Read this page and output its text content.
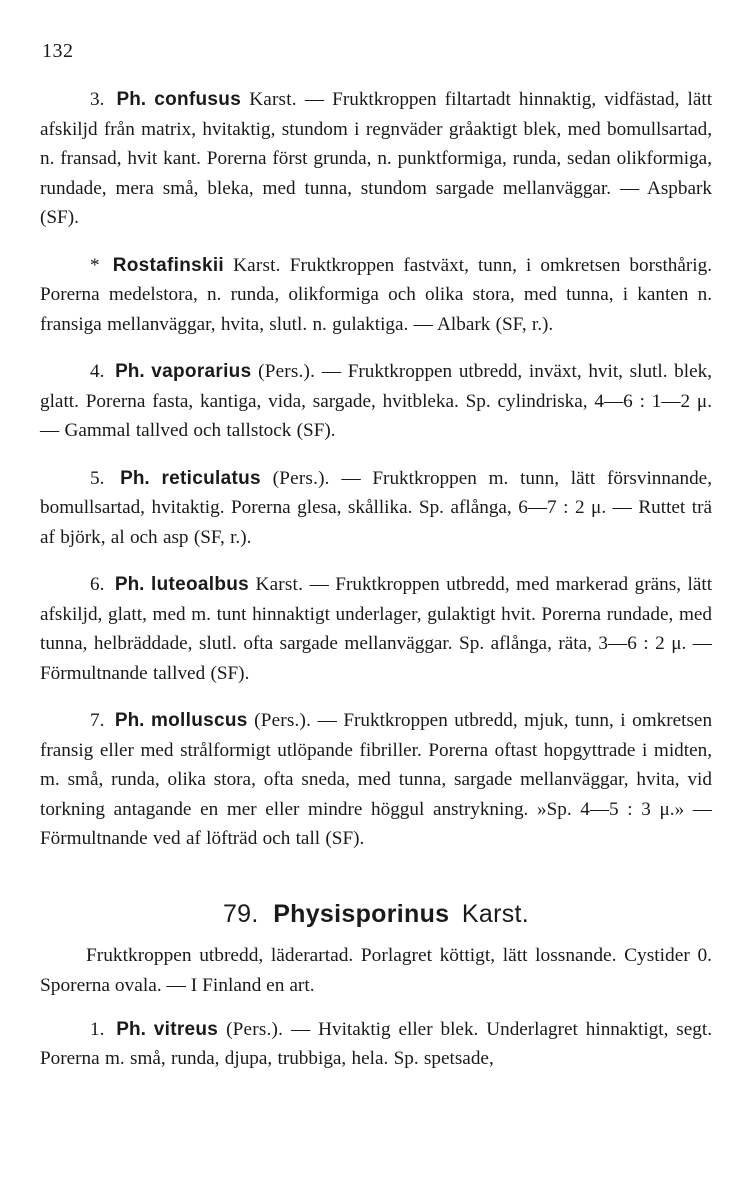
132

3. Ph. confusus Karst. — Fruktkroppen filtartadt hinnaktig, vidfästad, lätt afskiljd från matrix, hvitaktig, stundom i regnväder gråaktigt blek, med bomullsartad, n. fransad, hvit kant. Porerna först grunda, n. punktformiga, runda, sedan olikformiga, rundade, mera små, bleka, med tunna, stundom sargade mellanväggar. — Aspbark (SF).

* Rostafinskii Karst. Fruktkroppen fastväxt, tunn, i omkretsen borsthårig. Porerna medelstora, n. runda, olikformiga och olika stora, med tunna, i kanten n. fransiga mellanväggar, hvita, slutl. n. gulaktiga. — Albark (SF, r.).

4. Ph. vaporarius (Pers.). — Fruktkroppen utbredd, inväxt, hvit, slutl. blek, glatt. Porerna fasta, kantiga, vida, sargade, hvitbleka. Sp. cylindriska, 4—6 : 1—2 μ. — Gammal tallved och tallstock (SF).

5. Ph. reticulatus (Pers.). — Fruktkroppen m. tunn, lätt försvinnande, bomullsartad, hvitaktig. Porerna glesa, skållika. Sp. aflånga, 6—7 : 2 μ. — Ruttet trä af björk, al och asp (SF, r.).

6. Ph. luteoalbus Karst. — Fruktkroppen utbredd, med markerad gräns, lätt afskiljd, glatt, med m. tunt hinnaktigt underlager, gulaktigt hvit. Porerna rundade, med tunna, helbräddade, slutl. ofta sargade mellanväggar. Sp. aflånga, räta, 3—6 : 2 μ. — Förmultnande tallved (SF).

7. Ph. molluscus (Pers.). — Fruktkroppen utbredd, mjuk, tunn, i omkretsen fransig eller med strålformigt utlöpande fibriller. Porerna oftast hopgyttrade i midten, m. små, runda, olika stora, ofta sneda, med tunna, sargade mellanväggar, hvita, vid torkning antagande en mer eller mindre höggul anstrykning. »Sp. 4—5 : 3 μ.» — Förmultnande ved af löfträd och tall (SF).

79. Physisporinus Karst.

Fruktkroppen utbredd, läderartad. Porlagret köttigt, lätt lossnande. Cystider 0. Sporerna ovala. — I Finland en art.

1. Ph. vitreus (Pers.). — Hvitaktig eller blek. Underlagret hinnaktigt, segt. Porerna m. små, runda, djupa, trubbiga, hela. Sp. spetsade,
